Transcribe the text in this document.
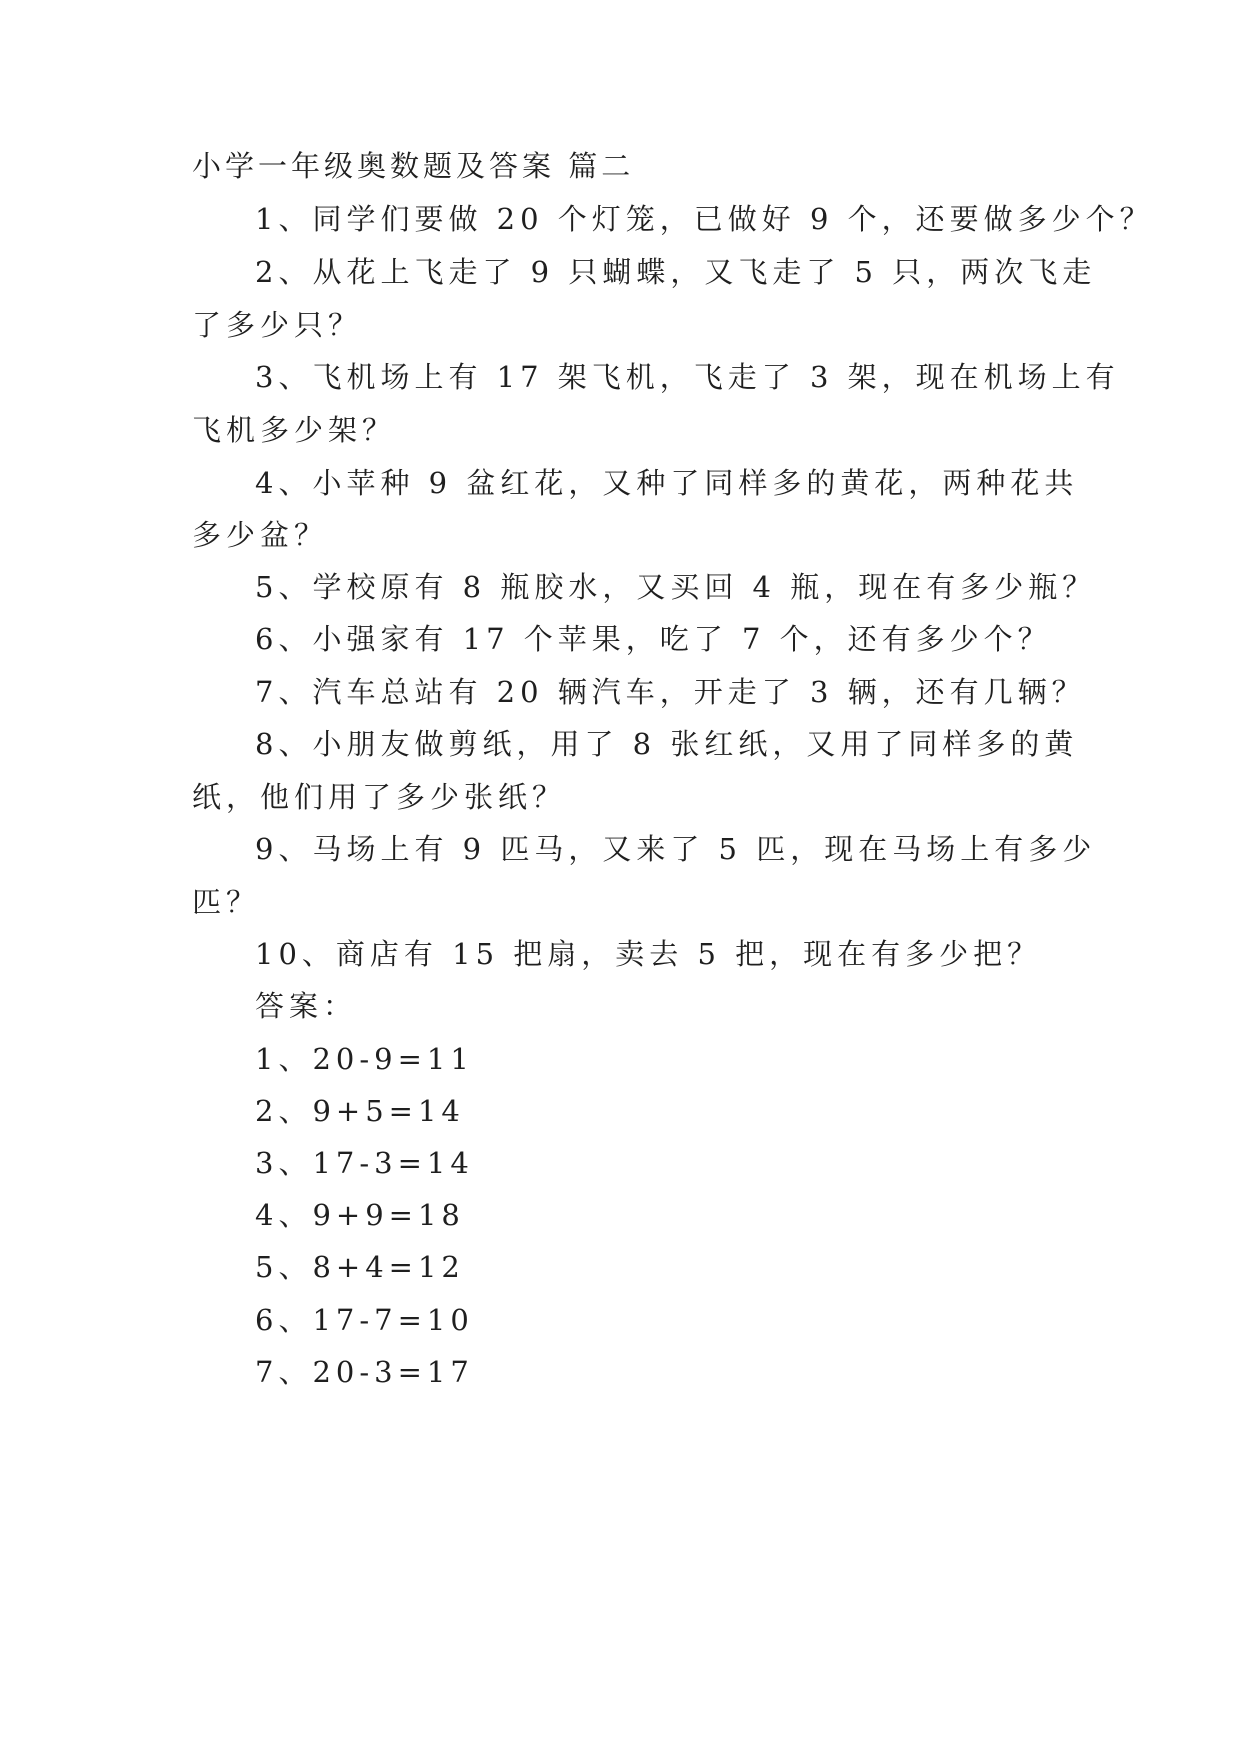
小学一年级奥数题及答案 篇二
1、同学们要做 20 个灯笼，已做好 9 个，还要做多少个？
2、从花上飞走了 9 只蝴蝶，又飞走了 5 只，两次飞走
了多少只？
3、飞机场上有 17 架飞机，飞走了 3 架，现在机场上有
飞机多少架？
4、小苹种 9 盆红花，又种了同样多的黄花，两种花共
多少盆？
5、学校原有 8 瓶胶水，又买回 4 瓶，现在有多少瓶？
6、小强家有 17 个苹果，吃了 7 个，还有多少个？
7、汽车总站有 20 辆汽车，开走了 3 辆，还有几辆？
8、小朋友做剪纸，用了 8 张红纸，又用了同样多的黄
纸，他们用了多少张纸？
9、马场上有 9 匹马，又来了 5 匹，现在马场上有多少
匹？
10、商店有 15 把扇，卖去 5 把，现在有多少把？
答案：
1、20-9=11
2、9+5=14
3、17-3=14
4、9+9=18
5、8+4=12
6、17-7=10
7、20-3=17
